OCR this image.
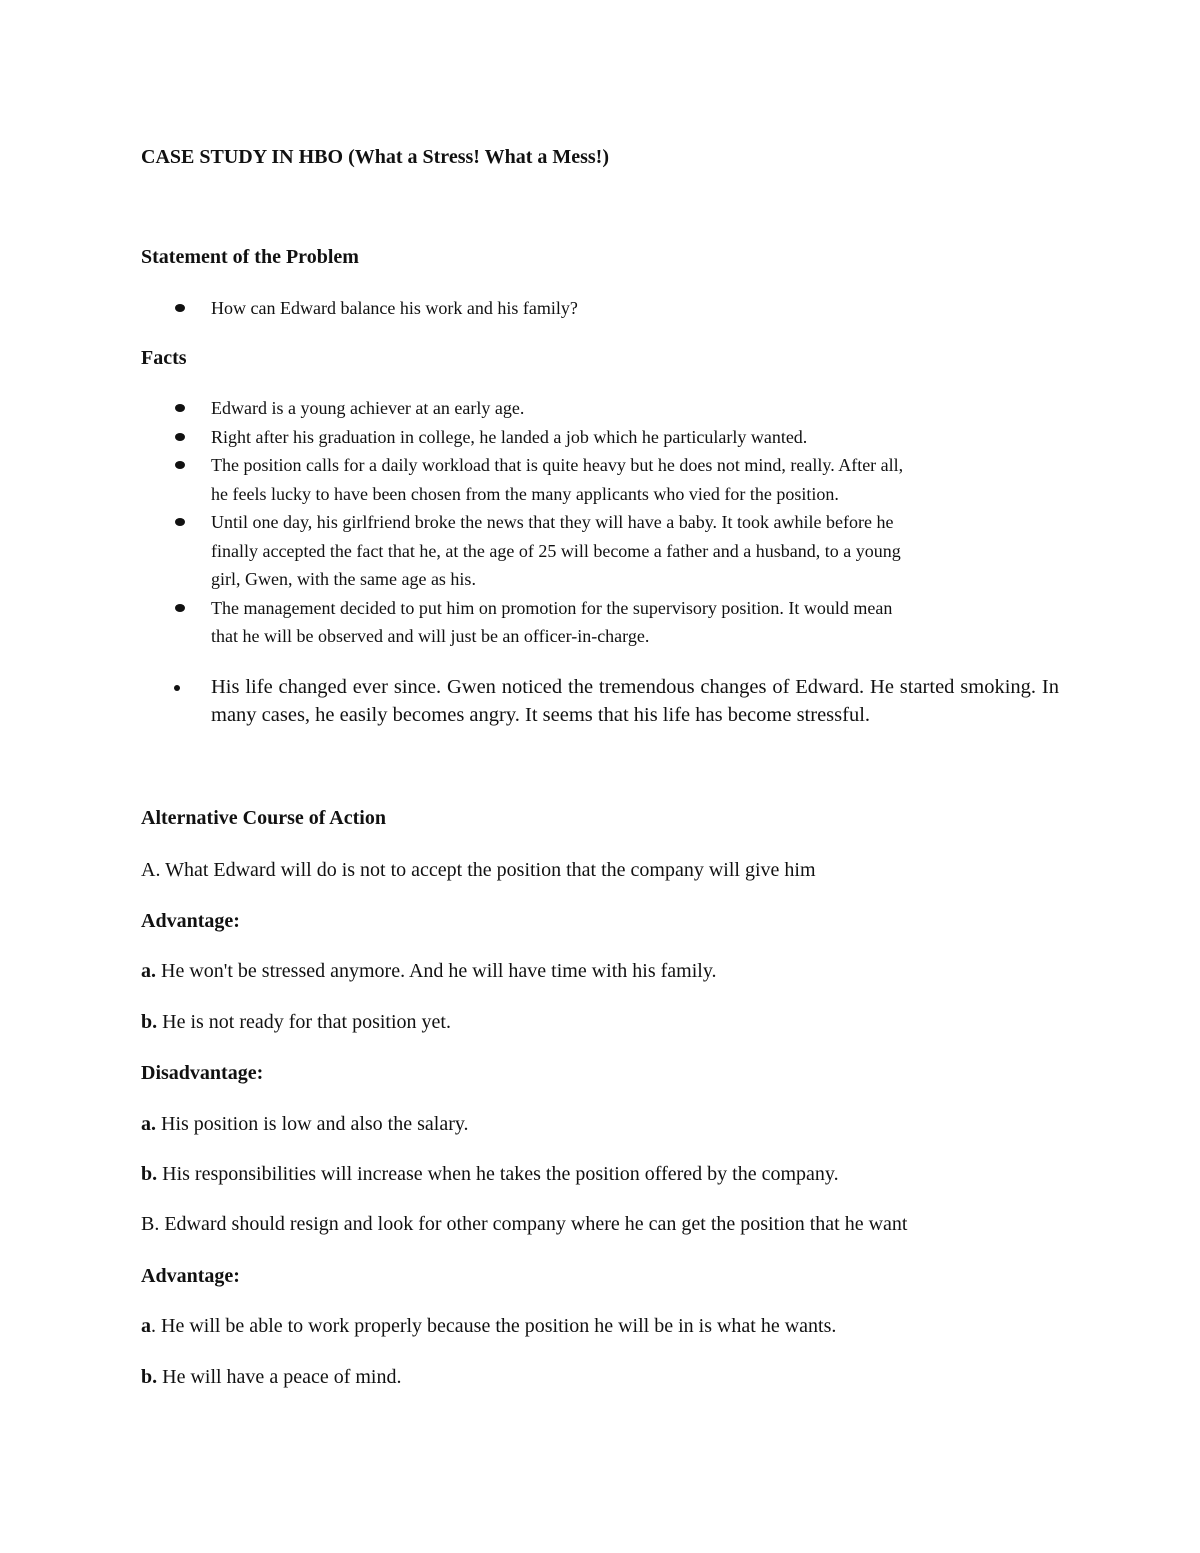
CASE STUDY IN HBO (What a Stress! What a Mess!)
Statement of the Problem
How can Edward balance his work and his family?
Facts
Edward is a young achiever at an early age.
Right after his graduation in college, he landed a job which he particularly wanted.
The position calls for a daily workload that is quite heavy but he does not mind, really. After all,
he feels lucky to have been chosen from the many applicants who vied for the position.
Until one day, his girlfriend broke the news that they will have a baby. It took awhile before he
finally accepted the fact that he, at the age of 25 will become a father and a husband, to a young
girl, Gwen, with the same age as his.
The management decided to put him on promotion for the supervisory position. It would mean
that he will be observed and will just be an officer-in-charge.
His life changed ever since. Gwen noticed the tremendous changes of Edward. He started smoking. In many cases, he easily becomes angry. It seems that his life has become stressful.
Alternative Course of Action
A. What Edward will do is not to accept the position that the company will give him
Advantage:
a. He won't be stressed anymore. And he will have time with his family.
b. He is not ready for that position yet.
Disadvantage:
a. His position is low and also the salary.
b. His responsibilities will increase when he takes the position offered by the company.
B. Edward should resign and look for other company where he can get the position that he want
Advantage:
a. He will be able to work properly because the position he will be in is what he wants.
b. He will have a peace of mind.
